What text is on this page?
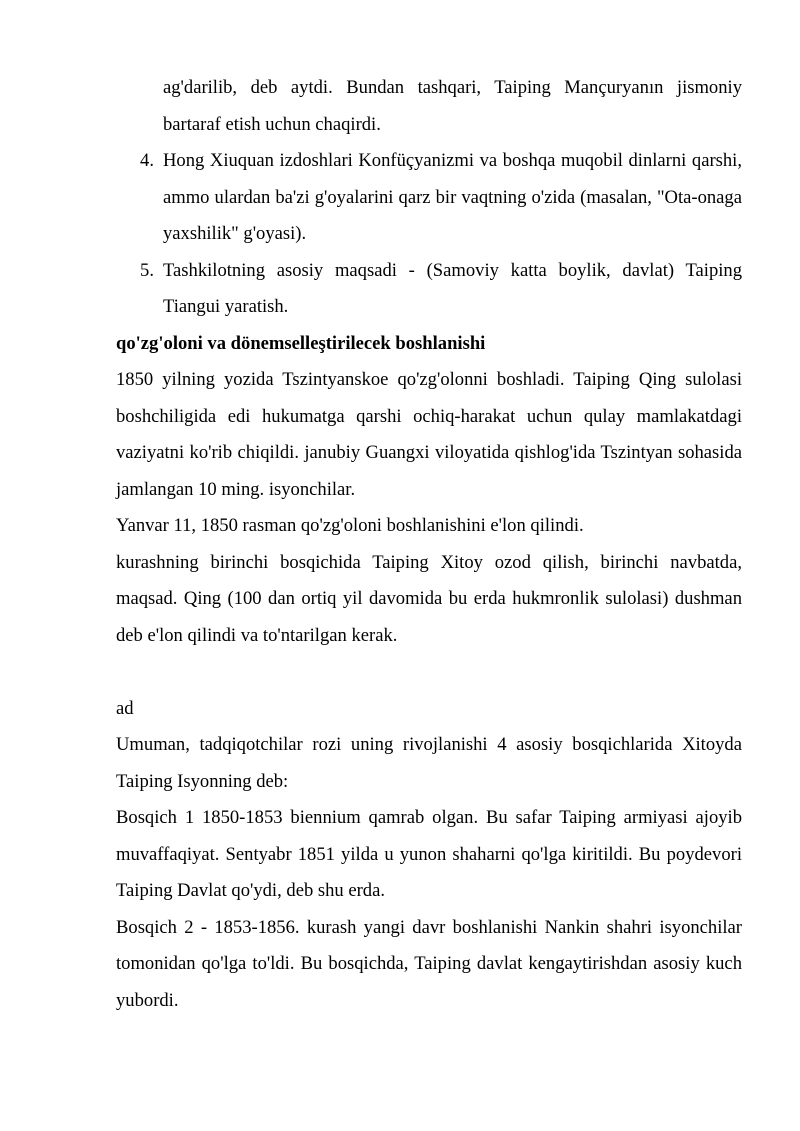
ag'darilib, deb aytdi. Bundan tashqari, Taiping Mançuryanın jismoniy bartaraf etish uchun chaqirdi.

4. Hong Xiuquan izdoshlari Konfüçyanizmi va boshqa muqobil dinlarni qarshi, ammo ulardan ba'zi g'oyalarini qarz bir vaqtning o'zida (masalan, "Ota-onaga yaxshilik" g'oyasi).
5. Tashkilotning asosiy maqsadi - (Samoviy katta boylik, davlat) Taiping Tiangui yaratish.

qo'zg'oloni va dönemselleştirilecek boshlanishi

1850 yilning yozida Tszintyanskoe qo'zg'olonni boshladi. Taiping Qing sulolasi boshchiligida edi hukumatga qarshi ochiq-harakat uchun qulay mamlakatdagi vaziyatni ko'rib chiqildi. janubiy Guangxi viloyatida qishlog'ida Tszintyan sohasida jamlangan 10 ming. isyonchilar.

Yanvar 11, 1850 rasman qo'zg'oloni boshlanishini e'lon qilindi.

kurashning birinchi bosqichida Taiping Xitoy ozod qilish, birinchi navbatda, maqsad. Qing (100 dan ortiq yil davomida bu erda hukmronlik sulolasi) dushman deb e'lon qilindi va to'ntarilgan kerak.

ad

Umuman, tadqiqotchilar rozi uning rivojlanishi 4 asosiy bosqichlarida Xitoyda Taiping Isyonning deb:

Bosqich 1 1850-1853 biennium qamrab olgan. Bu safar Taiping armiyasi ajoyib muvaffaqiyat. Sentyabr 1851 yilda u yunon shaharni qo'lga kiritildi. Bu poydevori Taiping Davlat qo'ydi, deb shu erda.

Bosqich 2 - 1853-1856. kurash yangi davr boshlanishi Nankin shahri isyonchilar tomonidan qo'lga to'ldi. Bu bosqichda, Taiping davlat kengaytirishdan asosiy kuch yubordi.
